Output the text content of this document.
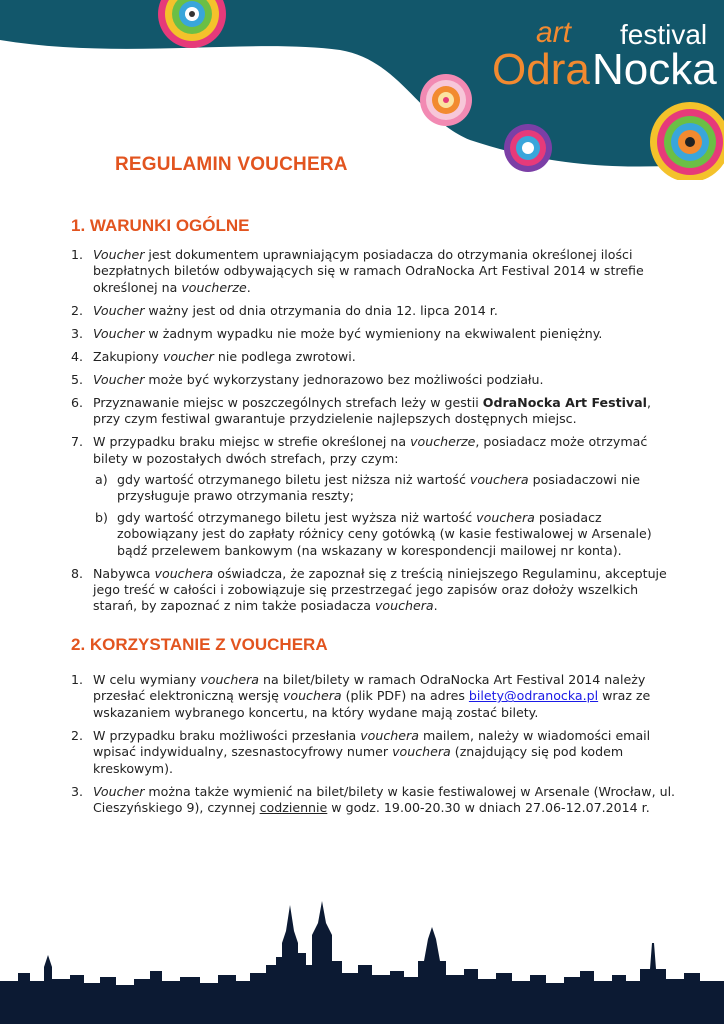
art festival
Odra Nocka
REGULAMIN VOUCHERA
1. WARUNKI OGÓLNE
1. Voucher jest dokumentem uprawniającym posiadacza do otrzymania określonej ilości bezpłatnych biletów odbywających się w ramach OdraNocka Art Festival 2014 w strefie określonej na voucherze.
2. Voucher ważny jest od dnia otrzymania do dnia 12. lipca 2014 r.
3. Voucher w żadnym wypadku nie może być wymieniony na ekwiwalent pieniężny.
4. Zakupiony voucher nie podlega zwrotowi.
5. Voucher może być wykorzystany jednorazowo bez możliwości podziału.
6. Przyznawanie miejsc w poszczególnych strefach leży w gestii OdraNocka Art Festival, przy czym festiwal gwarantuje przydzielenie najlepszych dostępnych miejsc.
7. W przypadku braku miejsc w strefie określonej na voucherze, posiadacz może otrzymać bilety w pozostałych dwóch strefach, przy czym:
a) gdy wartość otrzymanego biletu jest niższa niż wartość vouchera posiadaczowi nie przysługuje prawo otrzymania reszty;
b) gdy wartość otrzymanego biletu jest wyższa niż wartość vouchera posiadacz zobowiązany jest do zapłaty różnicy ceny gotówką (w kasie festiwalowej w Arsenale) bądź przelewem bankowym (na wskazany w korespondencji mailowej nr konta).
8. Nabywca vouchera oświadcza, że zapoznał się z treścią niniejszego Regulaminu, akceptuje jego treść w całości i zobowiązuje się przestrzegać jego zapisów oraz dołoży wszelkich starań, by zapoznać z nim także posiadacza vouchera.
2. KORZYSTANIE Z VOUCHERA
1. W celu wymiany vouchera na bilet/bilety w ramach OdraNocka Art Festival 2014 należy przesłać elektroniczną wersję vouchera (plik PDF) na adres bilety@odranocka.pl wraz ze wskazaniem wybranego koncertu, na który wydane mają zostać bilety.
2. W przypadku braku możliwości przesłania vouchera mailem, należy w wiadomości email wpisać indywidualny, szesnastocyfrowy numer vouchera (znajdujący się pod kodem kreskowym).
3. Voucher można także wymienić na bilet/bilety w kasie festiwalowej w Arsenale (Wrocław, ul. Cieszyńskiego 9), czynnej codziennie w godz. 19.00-20.30 w dniach 27.06-12.07.2014 r.
